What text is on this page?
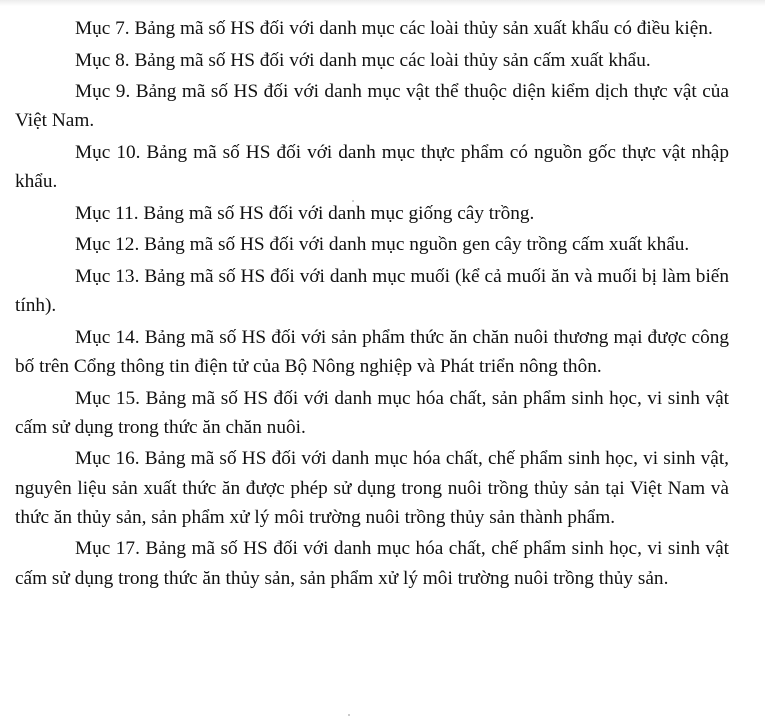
Mục 7. Bảng mã số HS đối với danh mục các loài thủy sản xuất khẩu có điều kiện.

Mục 8. Bảng mã số HS đối với danh mục các loài thủy sản cấm xuất khẩu.

Mục 9. Bảng mã số HS đối với danh mục vật thể thuộc diện kiểm dịch thực vật của Việt Nam.

Mục 10. Bảng mã số HS đối với danh mục thực phẩm có nguồn gốc thực vật nhập khẩu.

Mục 11. Bảng mã số HS đối với danh mục giống cây trồng.

Mục 12. Bảng mã số HS đối với danh mục nguồn gen cây trồng cấm xuất khẩu.

Mục 13. Bảng mã số HS đối với danh mục muối (kể cả muối ăn và muối bị làm biến tính).

Mục 14. Bảng mã số HS đối với sản phẩm thức ăn chăn nuôi thương mại được công bố trên Cổng thông tin điện tử của Bộ Nông nghiệp và Phát triển nông thôn.

Mục 15. Bảng mã số HS đối với danh mục hóa chất, sản phẩm sinh học, vi sinh vật cấm sử dụng trong thức ăn chăn nuôi.

Mục 16. Bảng mã số HS đối với danh mục hóa chất, chế phẩm sinh học, vi sinh vật, nguyên liệu sản xuất thức ăn được phép sử dụng trong nuôi trồng thủy sản tại Việt Nam và thức ăn thủy sản, sản phẩm xử lý môi trường nuôi trồng thủy sản thành phẩm.

Mục 17. Bảng mã số HS đối với danh mục hóa chất, chế phẩm sinh học, vi sinh vật cấm sử dụng trong thức ăn thủy sản, sản phẩm xử lý môi trường nuôi trồng thủy sản.
